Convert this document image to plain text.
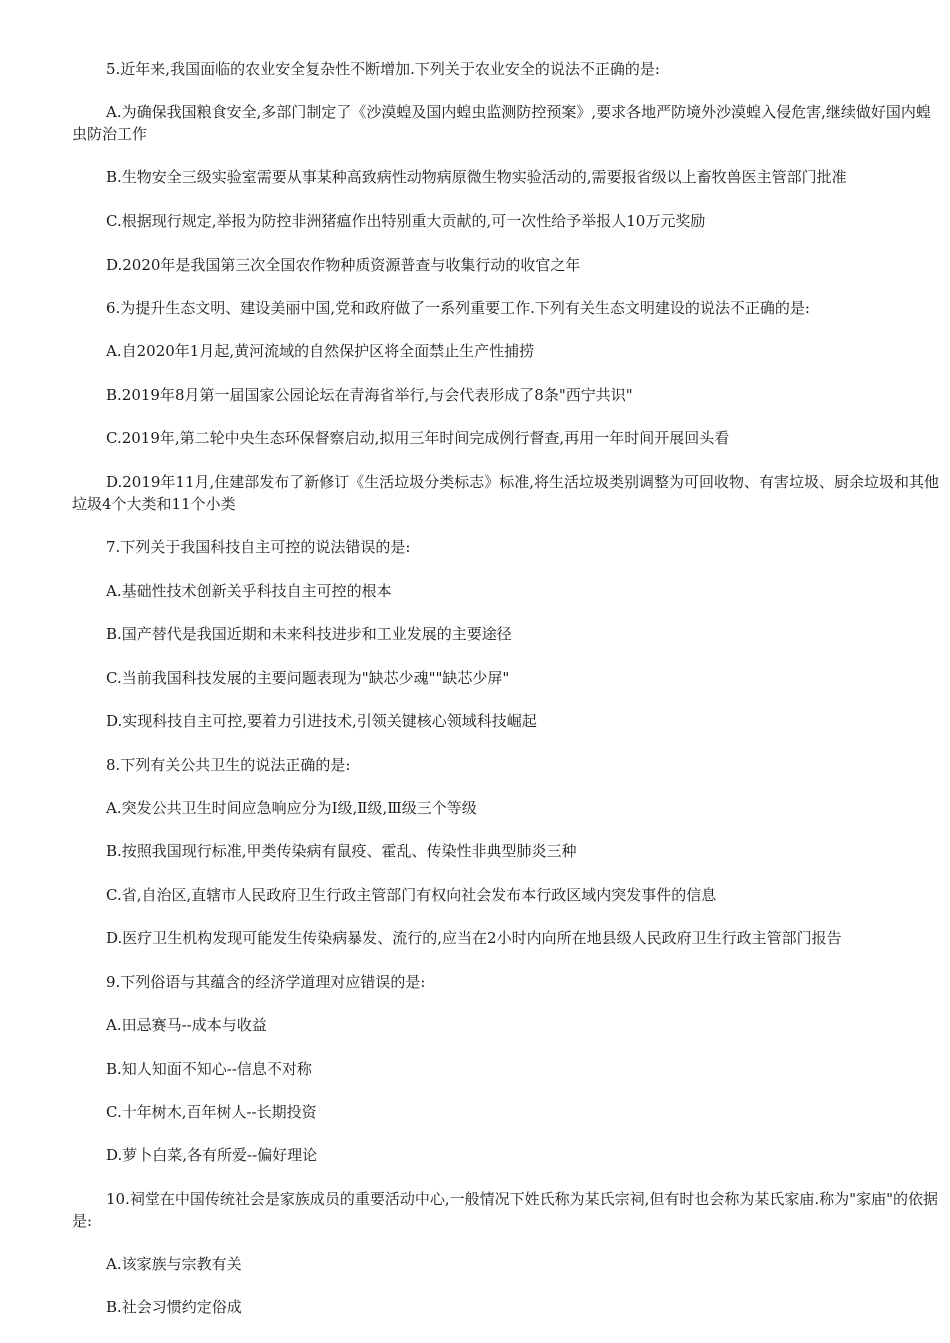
5.近年来,我国面临的农业安全复杂性不断增加.下列关于农业安全的说法不正确的是:
A.为确保我国粮食安全,多部门制定了《沙漠蝗及国内蝗虫监测防控预案》,要求各地严防境外沙漠蝗入侵危害,继续做好国内蝗虫防治工作
B.生物安全三级实验室需要从事某种高致病性动物病原微生物实验活动的,需要报省级以上畜牧兽医主管部门批准
C.根据现行规定,举报为防控非洲猪瘟作出特别重大贡献的,可一次性给予举报人10万元奖励
D.2020年是我国第三次全国农作物种质资源普查与收集行动的收官之年
6.为提升生态文明、建设美丽中国,党和政府做了一系列重要工作.下列有关生态文明建设的说法不正确的是:
A.自2020年1月起,黄河流域的自然保护区将全面禁止生产性捕捞
B.2019年8月第一届国家公园论坛在青海省举行,与会代表形成了8条"西宁共识"
C.2019年,第二轮中央生态环保督察启动,拟用三年时间完成例行督查,再用一年时间开展回头看
D.2019年11月,住建部发布了新修订《生活垃圾分类标志》标准,将生活垃圾类别调整为可回收物、有害垃圾、厨余垃圾和其他垃圾4个大类和11个小类
7.下列关于我国科技自主可控的说法错误的是:
A.基础性技术创新关乎科技自主可控的根本
B.国产替代是我国近期和未来科技进步和工业发展的主要途径
C.当前我国科技发展的主要问题表现为"缺芯少魂""缺芯少屏"
D.实现科技自主可控,要着力引进技术,引领关键核心领域科技崛起
8.下列有关公共卫生的说法正确的是:
A.突发公共卫生时间应急响应分为Ⅰ级,Ⅱ级,Ⅲ级三个等级
B.按照我国现行标准,甲类传染病有鼠疫、霍乱、传染性非典型肺炎三种
C.省,自治区,直辖市人民政府卫生行政主管部门有权向社会发布本行政区域内突发事件的信息
D.医疗卫生机构发现可能发生传染病暴发、流行的,应当在2小时内向所在地县级人民政府卫生行政主管部门报告
9.下列俗语与其蕴含的经济学道理对应错误的是:
A.田忌赛马--成本与收益
B.知人知面不知心--信息不对称
C.十年树木,百年树人--长期投资
D.萝卜白菜,各有所爱--偏好理论
10.祠堂在中国传统社会是家族成员的重要活动中心,一般情况下姓氏称为某氏宗祠,但有时也会称为某氏家庙.称为"家庙"的依据是:
A.该家族与宗教有关
B.社会习惯约定俗成
